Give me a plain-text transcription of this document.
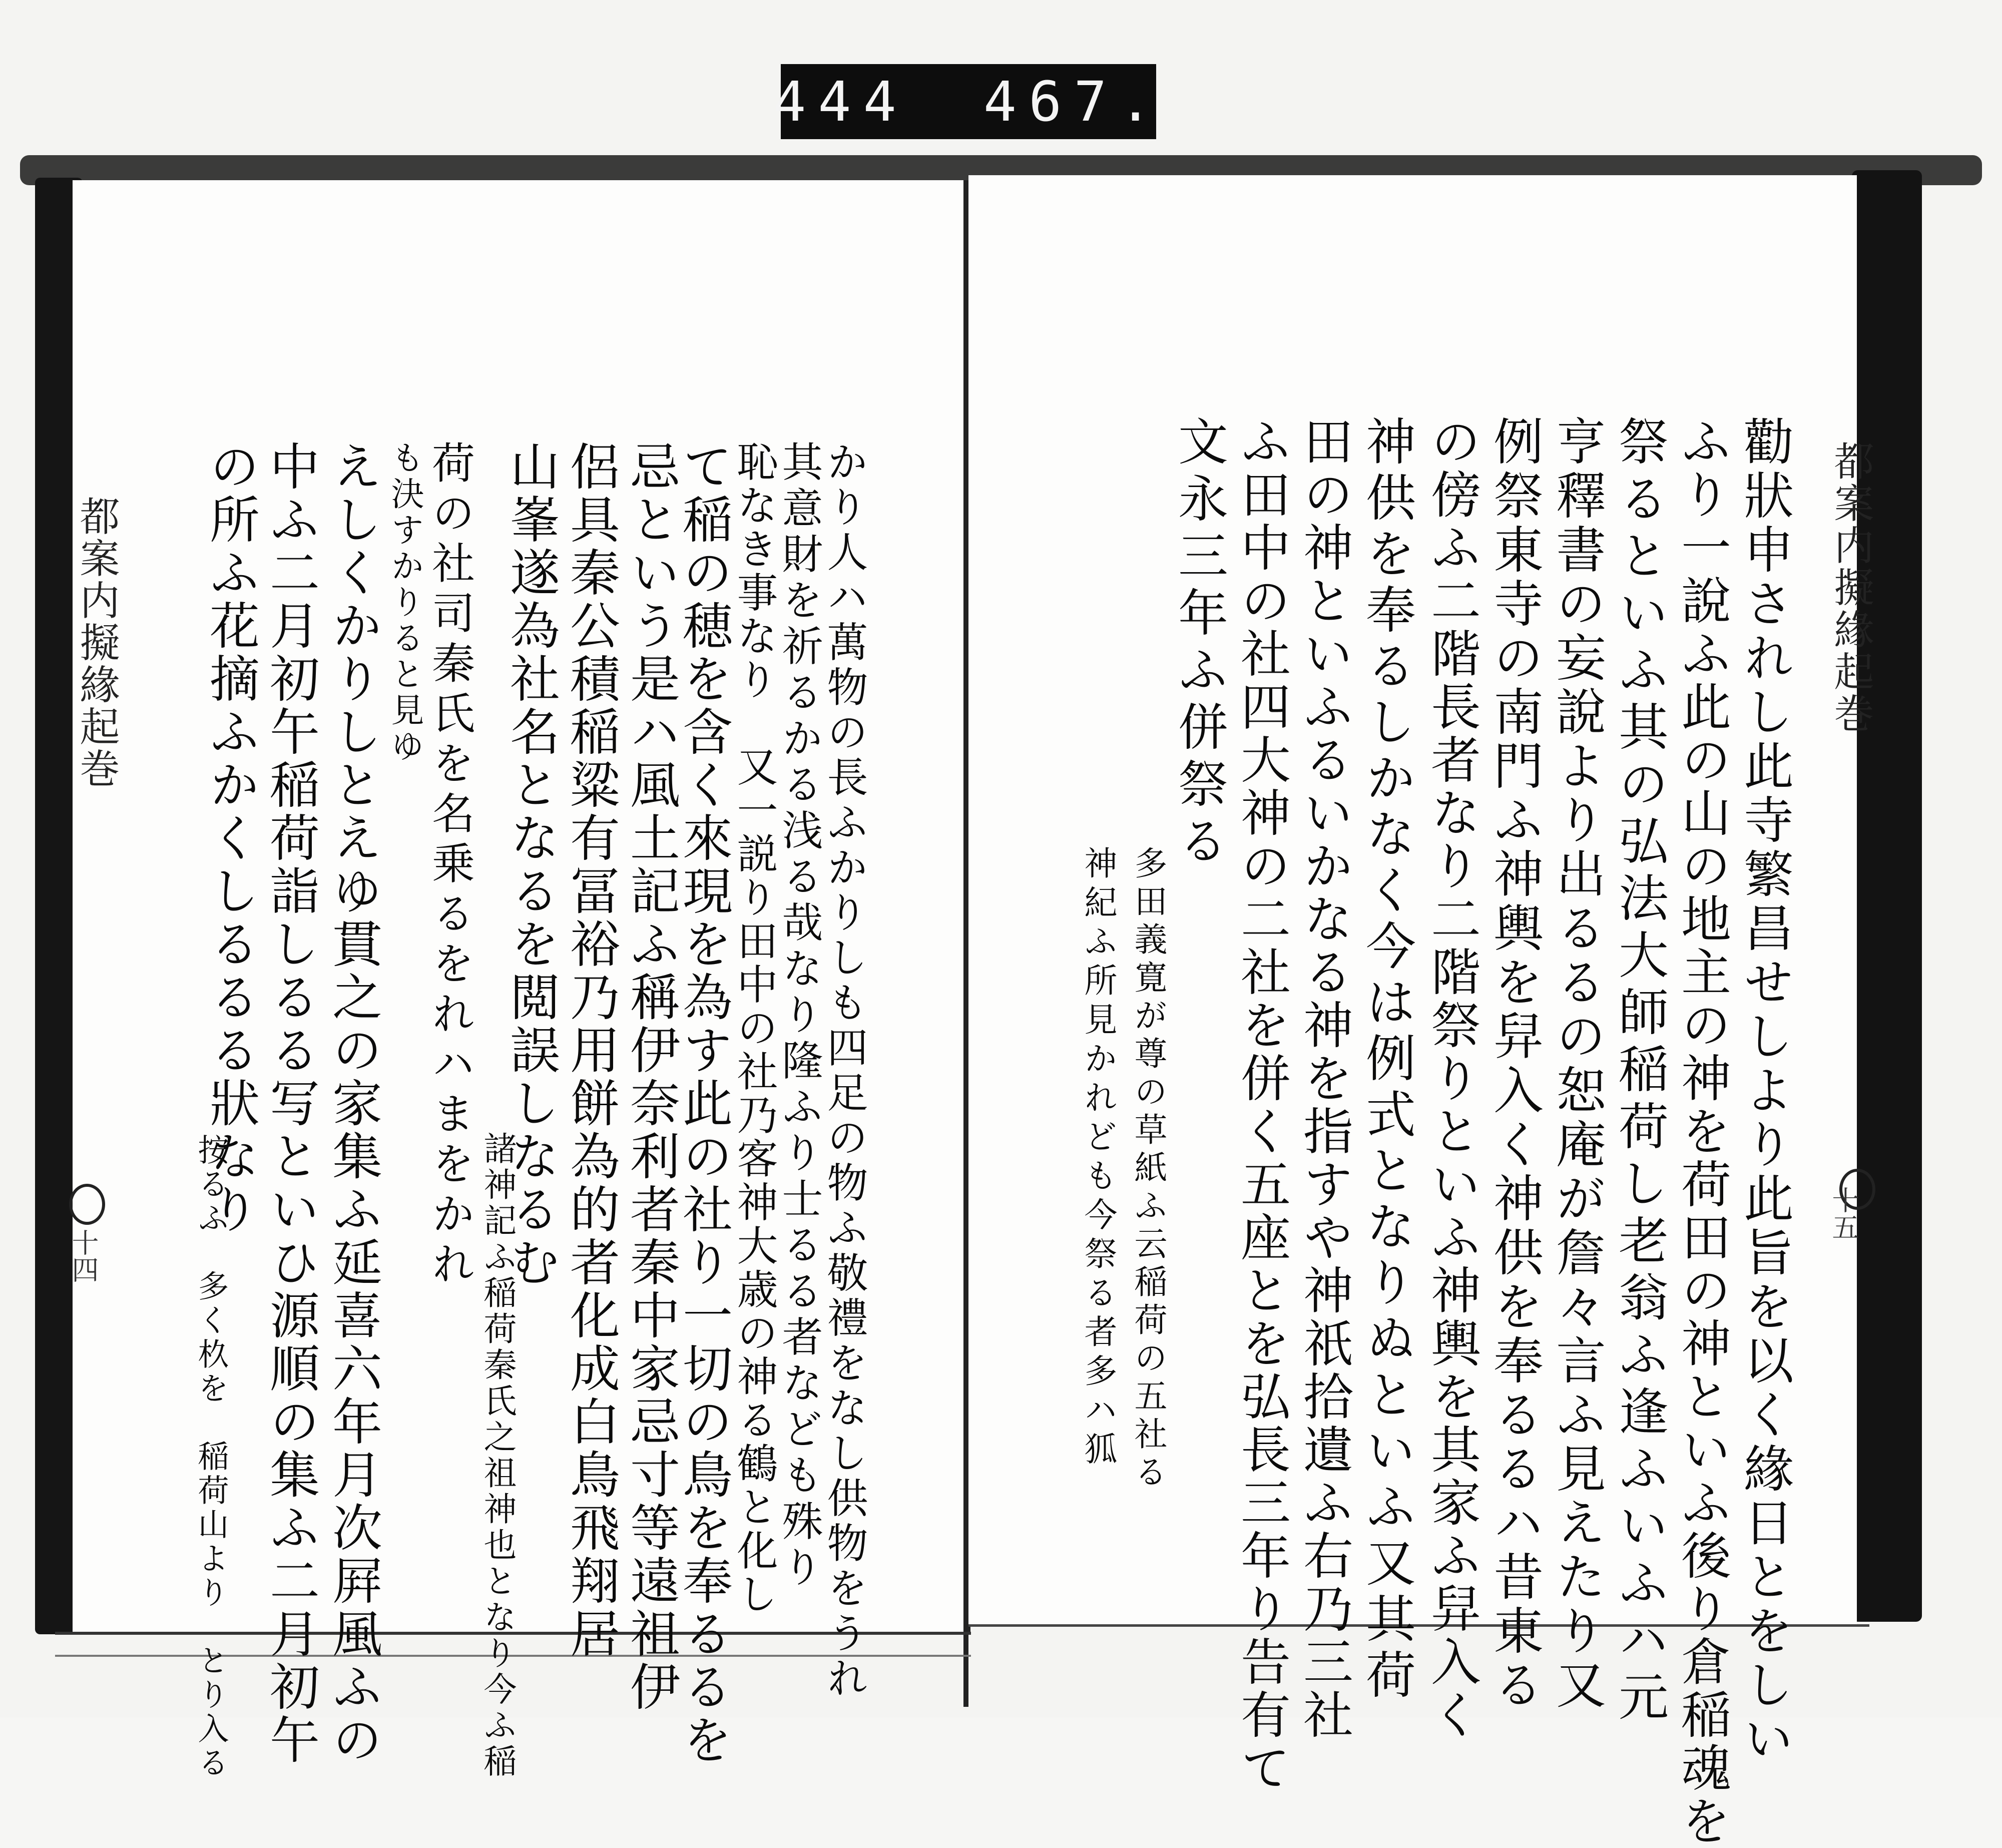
444 467.
都案内擬緣起巻	都案内擬緣起巻
十四
十五
かり人ハ萬物の長ふかりしも四足の物ふ敬禮をなし供物をうれ
其意財を祈るかる浅る哉なり隆ふり士るる者なども殊り
恥なき事なり　又一説り田中の社乃客神大歳の神る鶴と化し
て稲の穂を含く來現を為す此の社り一切の鳥を奉るるを
忌という是ハ風土記ふ稱伊奈利者秦中家忌寸等遠祖伊
侶具秦公積稲粱有冨裕乃用餅為的者化成白鳥飛翔居
山峯遂為社名となるを閲誤しなるむ
諸神記ふ稲荷秦氏之祖神也となり今ふ稲
荷の社司秦氏を名乗るをれハまをかれ
も決すかりると見ゆ
えしくかりしとえゆ貫之の家集ふ延喜六年月次屛風ふの
中ふ二月初午稲荷詣しるる写といひ源順の集ふ二月初午
の所ふ花摘ふかくしるるる狀なり
按るふ　多く杦を　稲荷山より　とり入る	勸狀申されし此寺繁昌せしより此旨を以く緣日とをしい
ふり一說ふ此の山の地主の神を荷田の神といふ後り倉稲魂を
祭るといふ其の弘法大師稲荷し老翁ふ逢ふいふハ元
亨釋書の妄說より出るるの恕庵が詹々言ふ見えたり又
例祭東寺の南門ふ神輿を舁入く神供を奉るるハ昔東る
の傍ふ二階長者なり二階祭りといふ神輿を其家ふ舁入く
神供を奉るしかなく今は例式となりぬといふ又其荷
田の神といふるいかなる神を指すや神祇拾遺ふ右乃三社
ふ田中の社四大神の二社を併く五座とを弘長三年り告有て
文永三年ふ併祭る
多田義寛が尊の草紙ふ云稲荷の五社る
神紀ふ所見かれども今祭る者多ハ狐
